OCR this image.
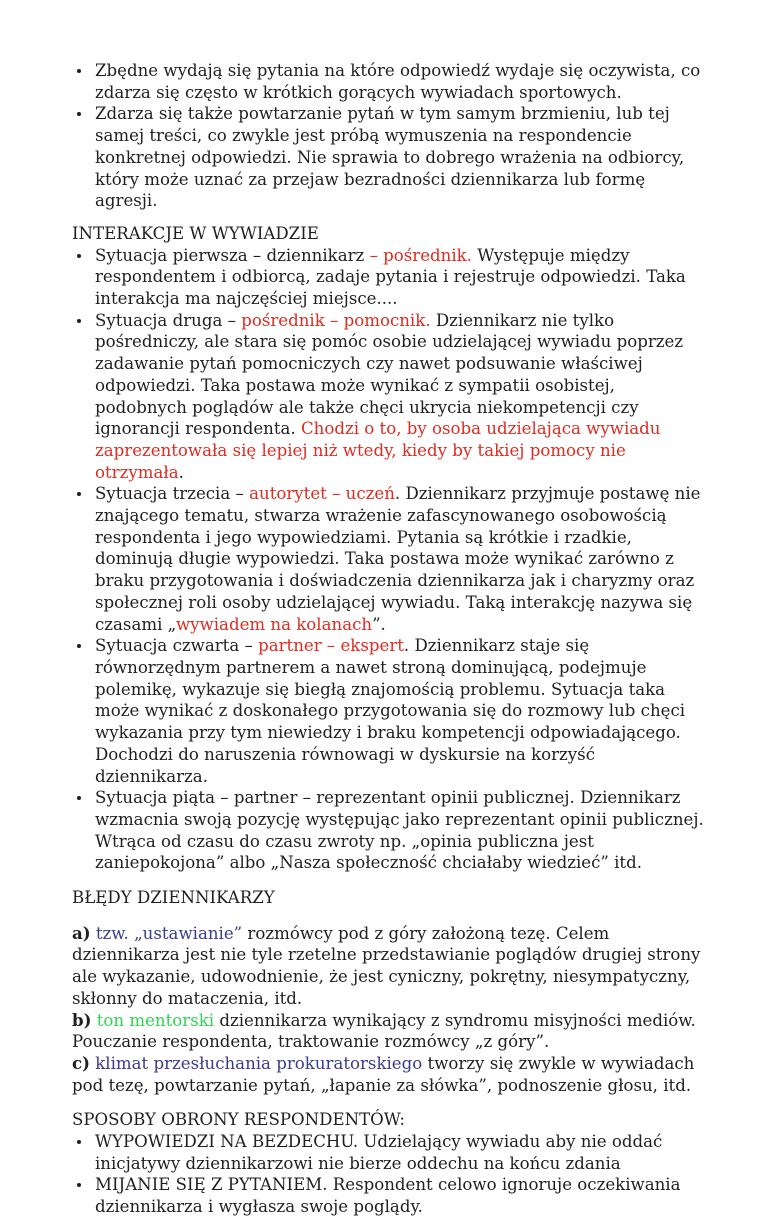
Zbędne wydają się pytania na które odpowiedź wydaje się oczywista, co zdarza się często w krótkich gorących wywiadach sportowych.
Zdarza się także powtarzanie pytań w tym samym brzmieniu, lub tej samej treści, co zwykle jest próbą wymuszenia na respondencie konkretnej odpowiedzi. Nie sprawia to dobrego wrażenia na odbiorcy, który może uznać za przejaw bezradności dziennikarza lub formę agresji.
INTERAKCJE W WYWIADZIE
Sytuacja pierwsza – dziennikarz – pośrednik. Występuje między respondentem i odbiorcą, zadaje pytania i rejestruje odpowiedzi. Taka interakcja ma najczęściej miejsce....
Sytuacja druga – pośrednik – pomocnik. Dziennikarz nie tylko pośredniczy, ale stara się pomóc osobie udzielającej wywiadu poprzez zadawanie pytań pomocniczych czy nawet podsuwanie właściwej odpowiedzi. Taka postawa może wynikać z sympatii osobistej, podobnych poglądów ale także chęci ukrycia niekompetencji czy ignorancji respondenta. Chodzi o to, by osoba udzielająca wywiadu zaprezentowała się lepiej niż wtedy, kiedy by takiej pomocy nie otrzymała.
Sytuacja trzecia – autorytet – uczeń. Dziennikarz przyjmuje postawę nie znającego tematu, stwarza wrażenie zafascynowanego osobowością respondenta i jego wypowiedziami. Pytania są krótkie i rzadkie, dominują długie wypowiedzi. Taka postawa może wynikać zarówno z braku przygotowania i doświadczenia dziennikarza jak i charyzmy oraz społecznej roli osoby udzielającej wywiadu. Taką interakcję nazywa się czasami „wywiadem na kolanach”.
Sytuacja czwarta – partner – ekspert. Dziennikarz staje się równorzędnym partnerem a nawet stroną dominującą, podejmuje polemikę, wykazuje się biegłą znajomością problemu. Sytuacja taka może wynikać z doskonałego przygotowania się do rozmowy lub chęci wykazania przy tym niewiedzy i braku kompetencji odpowiadającego. Dochodzi do naruszenia równowagi w dyskursie na korzyść dziennikarza.
Sytuacja piąta – partner – reprezentant opinii publicznej. Dziennikarz wzmacnia swoją pozycję występując jako reprezentant opinii publicznej. Wtrąca od czasu do czasu zwroty np. „opinia publiczna jest zaniepokojona” albo „Nasza społeczność chciałaby wiedzieć” itd.
BŁĘDY DZIENNIKARZY

a) tzw. „ustawianie” rozmówcy pod z góry założoną tezę. Celem dziennikarza jest nie tyle rzetelne przedstawianie poglądów drugiej strony ale wykazanie, udowodnienie, że jest cyniczny, pokrętny, niesympatyczny, skłonny do mataczenia, itd.

b) ton mentorski dziennikarza wynikający z syndromu misyjności mediów. Pouczanie respondenta, traktowanie rozmówcy „z góry”.

c) klimat przesłuchania prokuratorskiego tworzy się zwykle w wywiadach pod tezę, powtarzanie pytań, „łapanie za słówka”, podnoszenie głosu, itd.

SPOSOBY OBRONY RESPONDENTÓW:
WYPOWIEDZI NA BEZDECHU. Udzielający wywiadu aby nie oddać inicjatywy dziennikarzowi nie bierze oddechu na końcu zdania
MIJANIE SIĘ Z PYTANIEM. Respondent celowo ignoruje oczekiwania dziennikarza i wygłasza swoje poglądy.
